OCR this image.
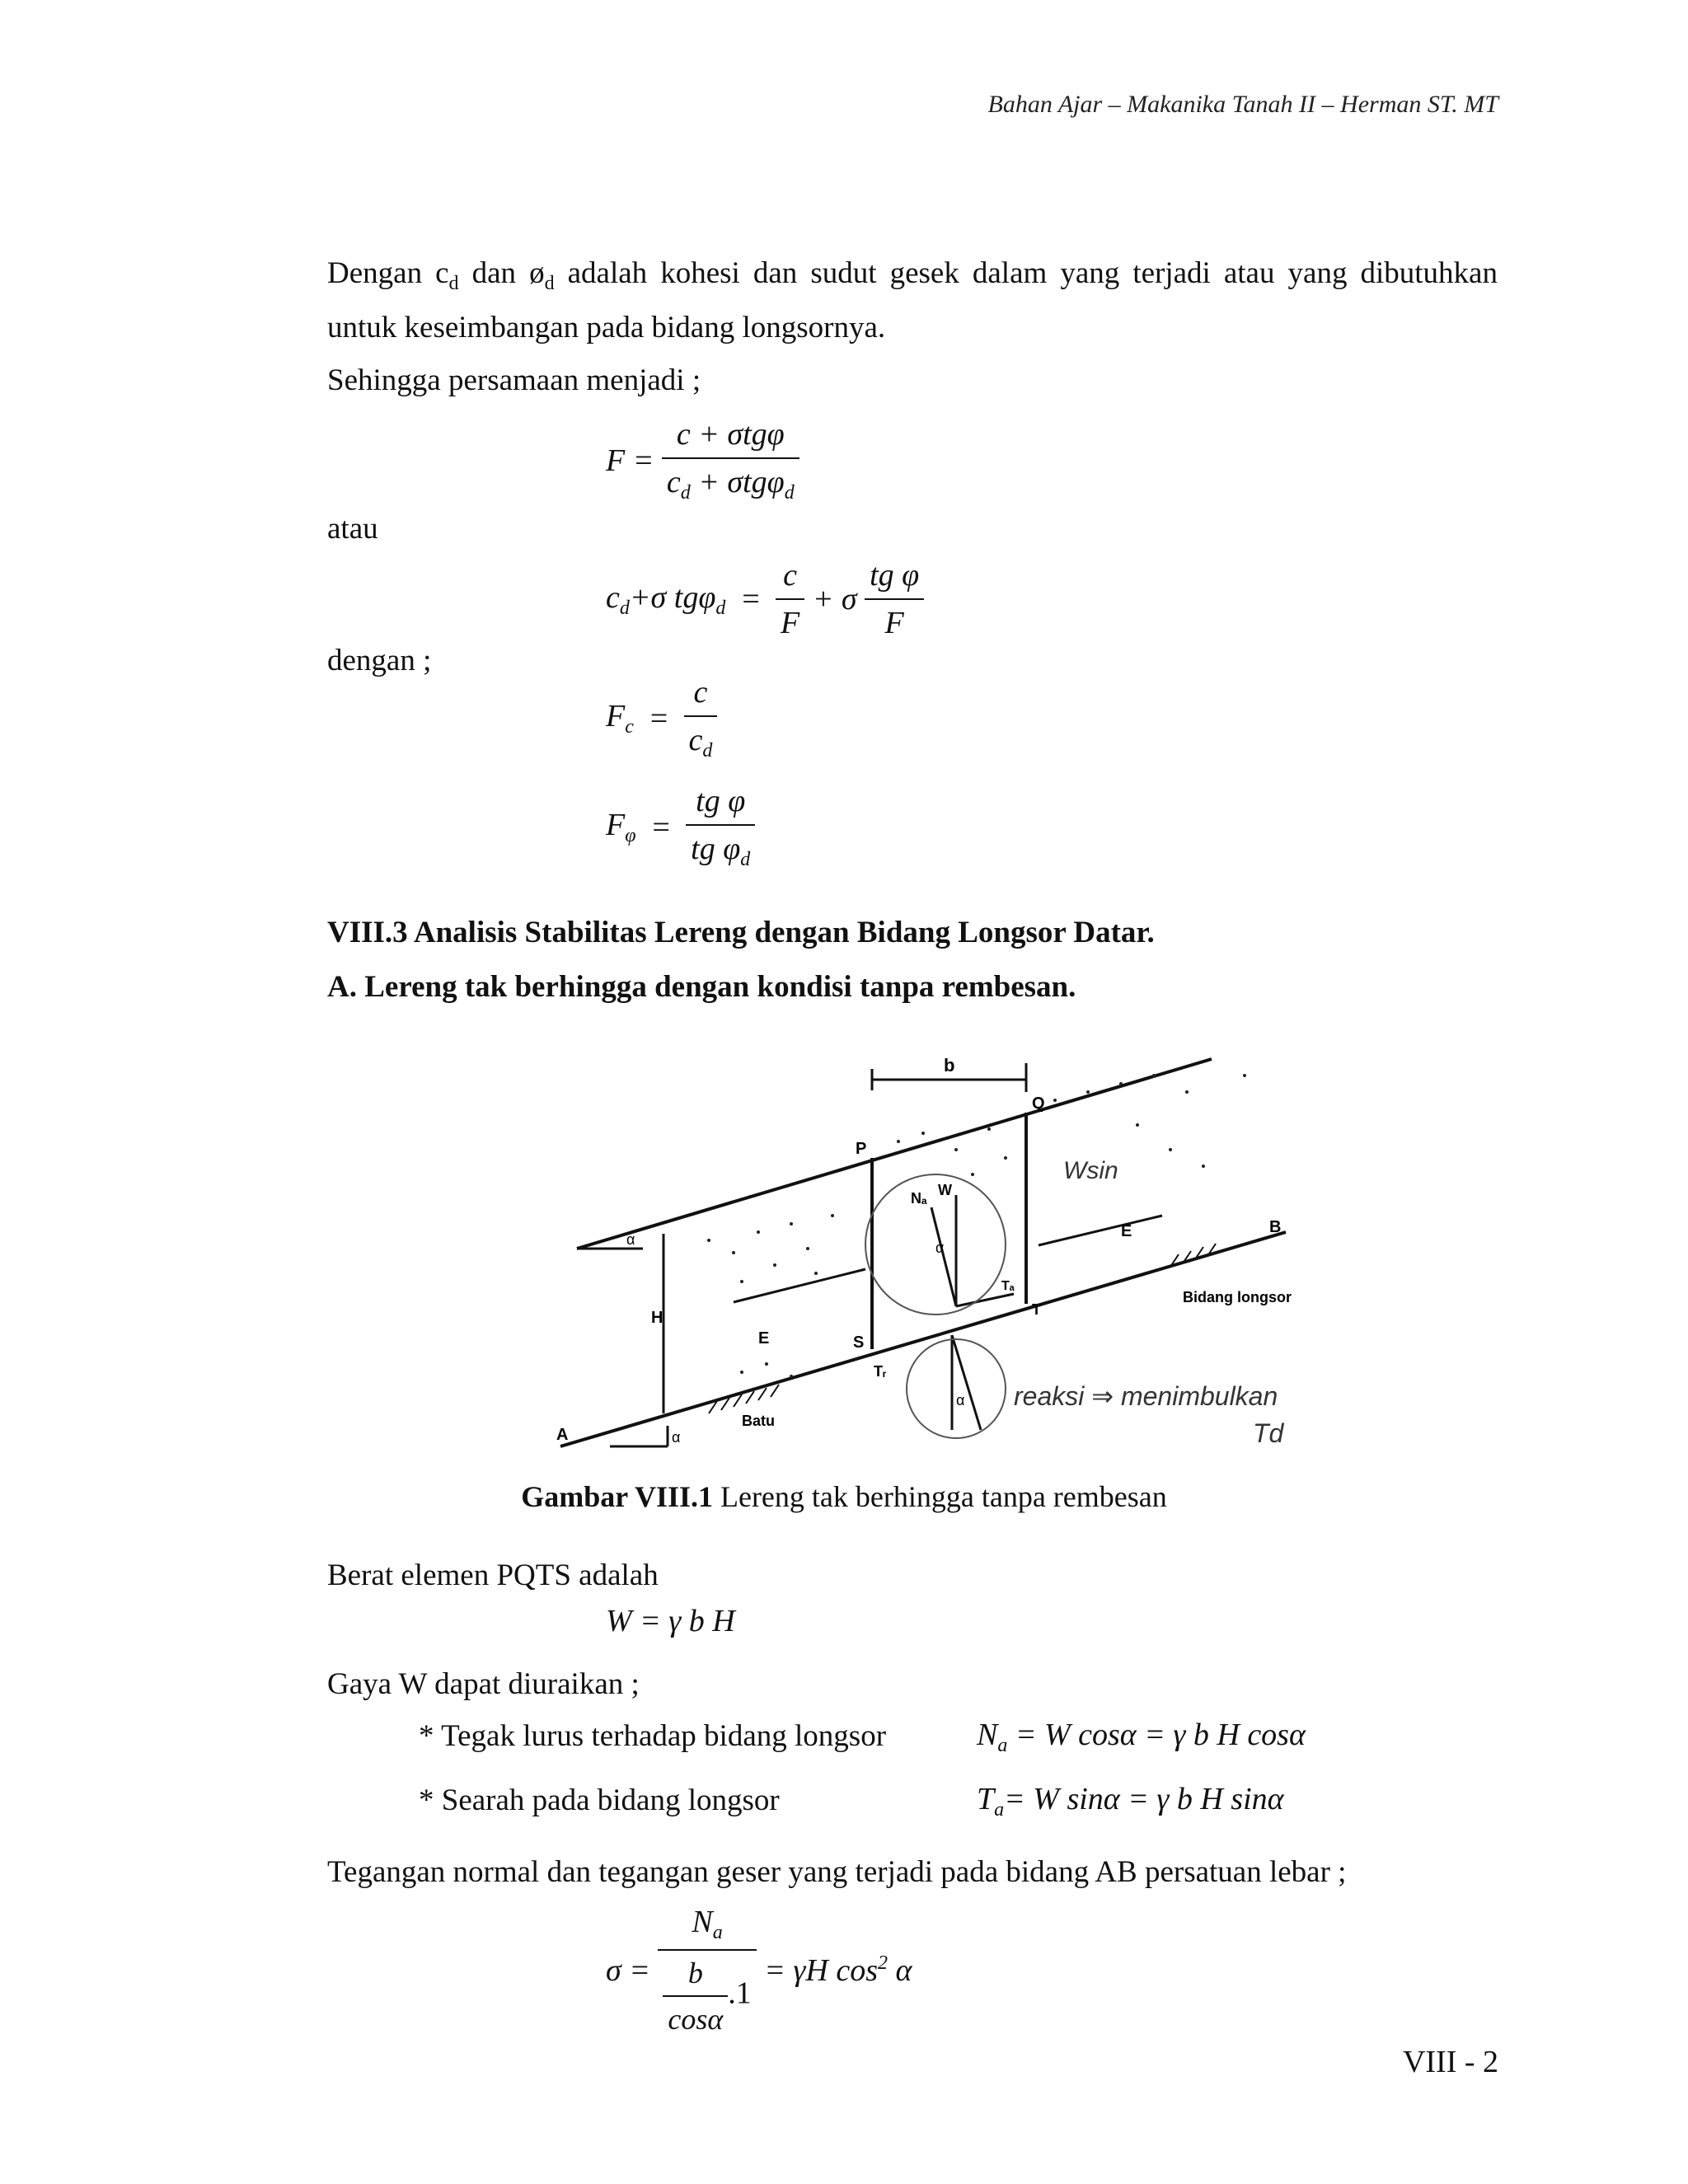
Bahan Ajar – Makanika Tanah II – Herman ST. MT
Dengan $c_d$ dan $ø_d$ adalah kohesi dan sudut gesek dalam yang terjadi atau yang dibutuhkan
untuk keseimbangan pada bidang longsornya.
Sehingga persamaan menjadi ;
$F = \frac{\text{c + σtgφ}}{c_d + \sigma tg\varphi_d}$
atau
$c_d+\sigma$ $tg\varphi_d = \frac{c}{F} + \sigma \frac{\text{tg φ}}{F}$
dengan ;
$F_c = \frac{c}{c_d}$
$F_\varphi = \frac{\text{tg φ}}{tg \varphi_d}$
VIII.3 Analisis Stabilitas Lereng dengan Bidang Longsor Datar.
A. Lereng tak berhingga dengan kondisi tanpa rembesan.
b
P
Q
W
Nₐ
α
E
T
Tₐ
B
Bidang longsor
S
E
H
A
α
α
Tᵣ
Batu
α
Wsin
reaksi ⇒ menimbulkan
Td
Gambar VIII.1 Lereng tak berhingga tanpa rembesan
Berat elemen PQTS adalah
W = γ b H
Gaya W dapat diuraikan ;
* Tegak lurus terhadap bidang longsor	$N_a = W$ cosα = γ b H cosα
* Searah pada bidang longsor	$T_a= W$ sinα = γ b H sinα
Tegangan normal dan tegangan geser yang terjadi pada bidang AB persatuan lebar ;
$\sigma = \frac{N_a}{\frac{b}{\cos\alpha} .1} = \gamma H$ $\cos^2 \alpha$
VIII - 2
